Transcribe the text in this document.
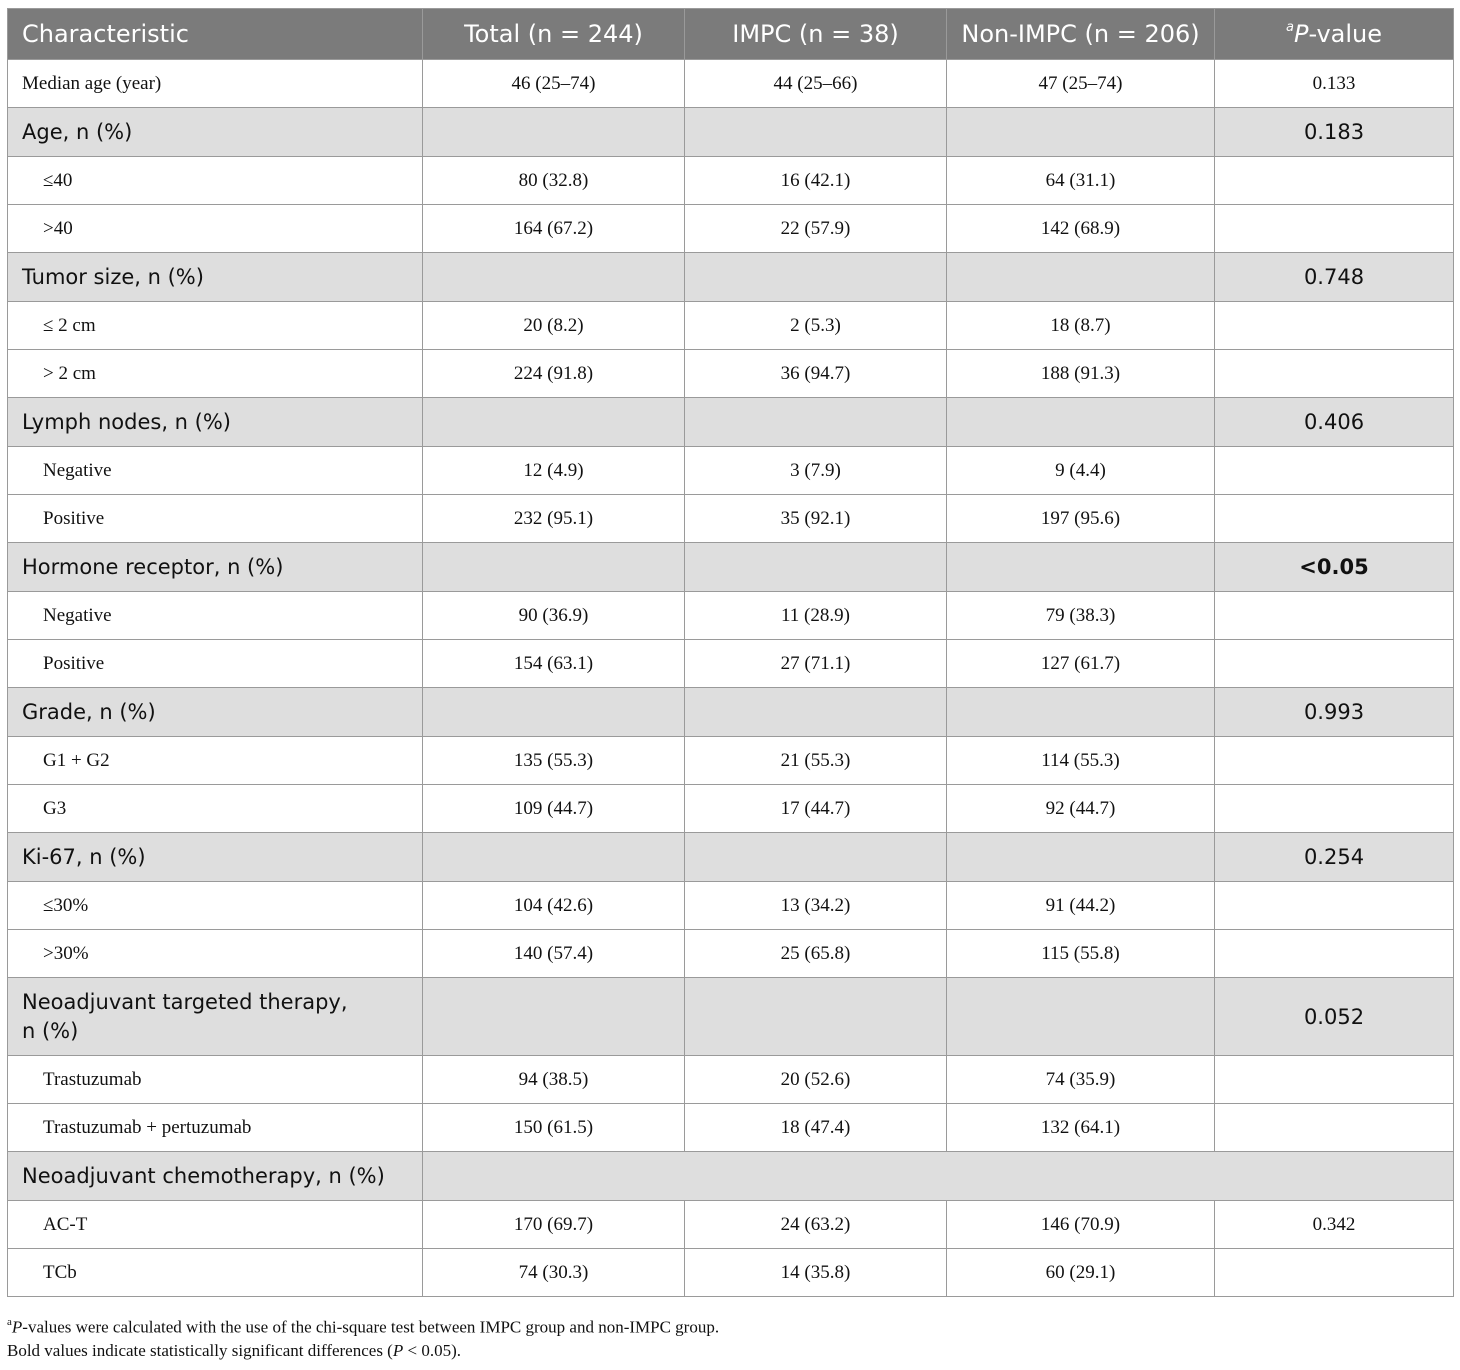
Characteristic	Total (n = 244)	IMPC (n = 38)	Non-IMPC (n = 206)	$^a$P-value
Median age (year)	46 (25–74)	44 (25–66)	47 (25–74)	0.133
Age, n (%)				0.183
≤40	80 (32.8)	16 (42.1)	64 (31.1)	
>40	164 (67.2)	22 (57.9)	142 (68.9)	
Tumor size, n (%)				0.748
≤ 2 cm	20 (8.2)	2 (5.3)	18 (8.7)	
> 2 cm	224 (91.8)	36 (94.7)	188 (91.3)	
Lymph nodes, n (%)				0.406
Negative	12 (4.9)	3 (7.9)	9 (4.4)	
Positive	232 (95.1)	35 (92.1)	197 (95.6)	
Hormone receptor, n (%)				<0.05
Negative	90 (36.9)	11 (28.9)	79 (38.3)	
Positive	154 (63.1)	27 (71.1)	127 (61.7)	
Grade, n (%)				0.993
G1 + G2	135 (55.3)	21 (55.3)	114 (55.3)	
G3	109 (44.7)	17 (44.7)	92 (44.7)	
Ki-67, n (%)				0.254
≤30%	104 (42.6)	13 (34.2)	91 (44.2)	
>30%	140 (57.4)	25 (65.8)	115 (55.8)	

Neoadjuvant targeted therapy,
n (%)				0.052
Trastuzumab	94 (38.5)	20 (52.6)	74 (35.9)	
Trastuzumab + pertuzumab	150 (61.5)	18 (47.4)	132 (64.1)	
Neoadjuvant chemotherapy, n (%)				
AC-T	170 (69.7)	24 (63.2)	146 (70.9)	0.342
TCb	74 (30.3)	14 (35.8)	60 (29.1)	
$^a$P-values were calculated with the use of the chi-square test between IMPC group and non-IMPC group.
Bold values indicate statistically significant differences (P < 0.05).
